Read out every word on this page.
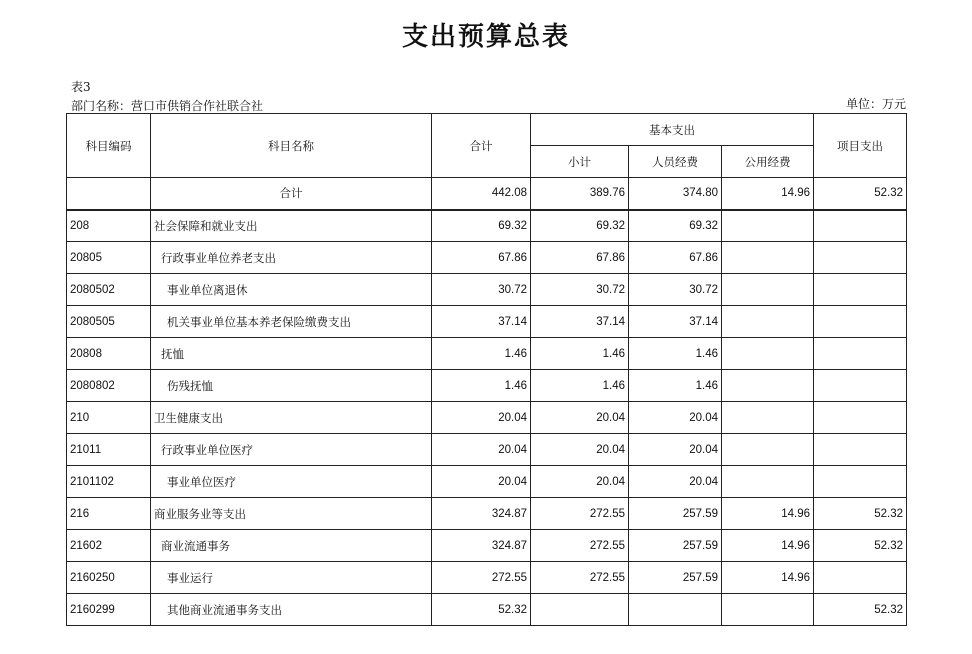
支出预算总表
表3
部门名称：营口市供销合作社联合社	单位：万元
科目编码	科目名称	合计	基本支出			项目支出
			小计	人员经费	公用经费	
	合计	442.08	389.76	374.80	14.96	52.32
208	社会保障和就业支出	69.32	69.32	69.32		
20805	行政事业单位养老支出	67.86	67.86	67.86		
2080502	事业单位离退休	30.72	30.72	30.72		
2080505	机关事业单位基本养老保险缴费支出	37.14	37.14	37.14		
20808	抚恤	1.46	1.46	1.46		
2080802	伤残抚恤	1.46	1.46	1.46		
210	卫生健康支出	20.04	20.04	20.04		
21011	行政事业单位医疗	20.04	20.04	20.04		
2101102	事业单位医疗	20.04	20.04	20.04		
216	商业服务业等支出	324.87	272.55	257.59	14.96	52.32
21602	商业流通事务	324.87	272.55	257.59	14.96	52.32
2160250	事业运行	272.55	272.55	257.59	14.96	
2160299	其他商业流通事务支出	52.32				52.32
